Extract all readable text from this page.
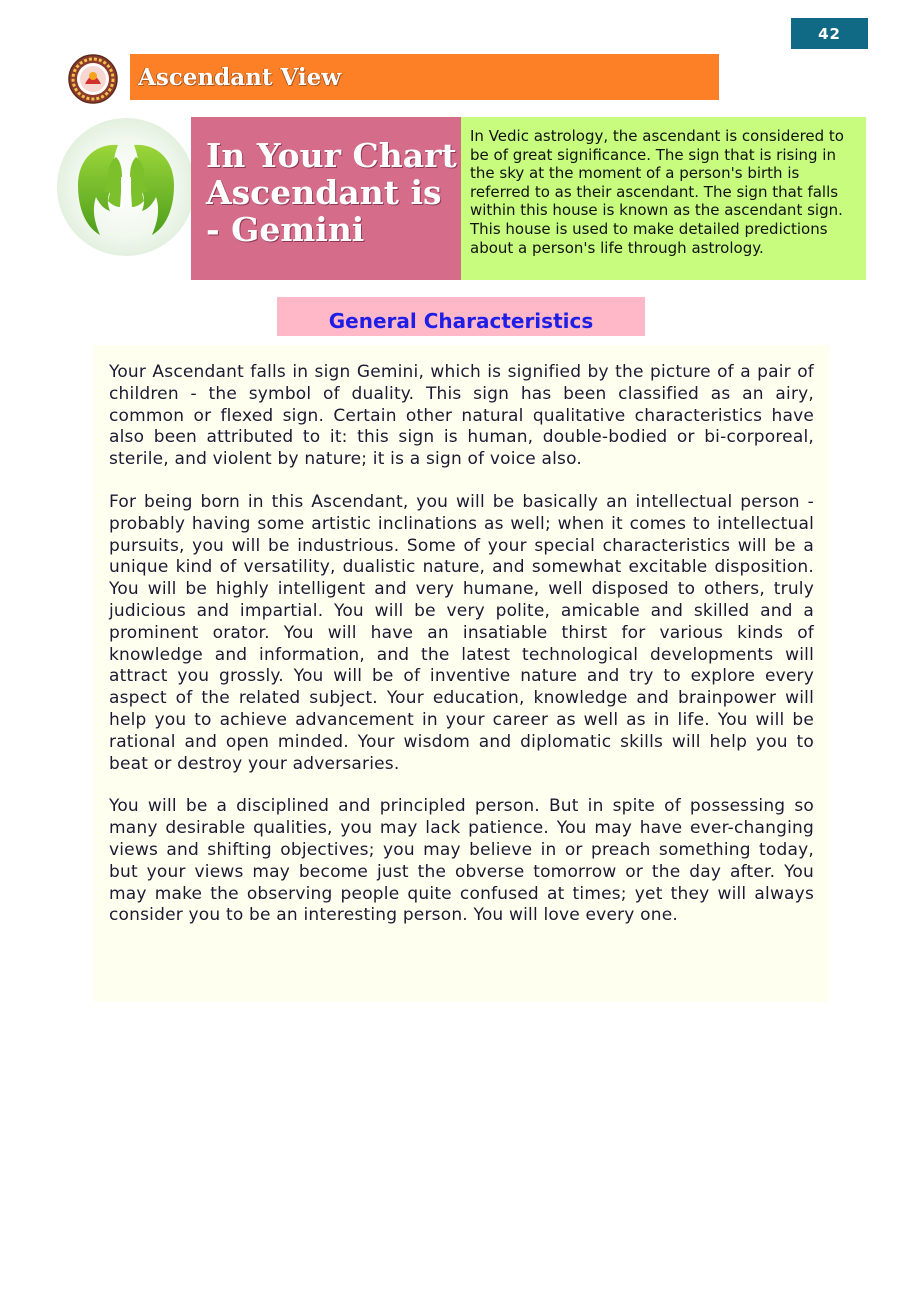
42
Ascendant View

In Your Chart Ascendant is - Gemini

In Vedic astrology, the ascendant is considered to be of great significance. The sign that is rising in the sky at the moment of a person's birth is referred to as their ascendant. The sign that falls within this house is known as the ascendant sign. This house is used to make detailed predictions about a person's life through astrology.

General Characteristics

Your Ascendant falls in sign Gemini, which is signified by the picture of a pair of children - the symbol of duality. This sign has been classified as an airy, common or flexed sign. Certain other natural qualitative characteristics have also been attributed to it: this sign is human, double-bodied or bi-corporeal, sterile, and violent by nature; it is a sign of voice also.

For being born in this Ascendant, you will be basically an intellectual person - probably having some artistic inclinations as well; when it comes to intellectual pursuits, you will be industrious. Some of your special characteristics will be a unique kind of versatility, dualistic nature, and somewhat excitable disposition. You will be highly intelligent and very humane, well disposed to others, truly judicious and impartial. You will be very polite, amicable and skilled and a prominent orator. You will have an insatiable thirst for various kinds of knowledge and information, and the latest technological developments will attract you grossly. You will be of inventive nature and try to explore every aspect of the related subject. Your education, knowledge and brainpower will help you to achieve advancement in your career as well as in life. You will be rational and open minded. Your wisdom and diplomatic skills will help you to beat or destroy your adversaries.

You will be a disciplined and principled person. But in spite of possessing so many desirable qualities, you may lack patience. You may have ever-changing views and shifting objectives; you may believe in or preach something today, but your views may become just the obverse tomorrow or the day after. You may make the observing people quite confused at times; yet they will always consider you to be an interesting person. You will love every one.
